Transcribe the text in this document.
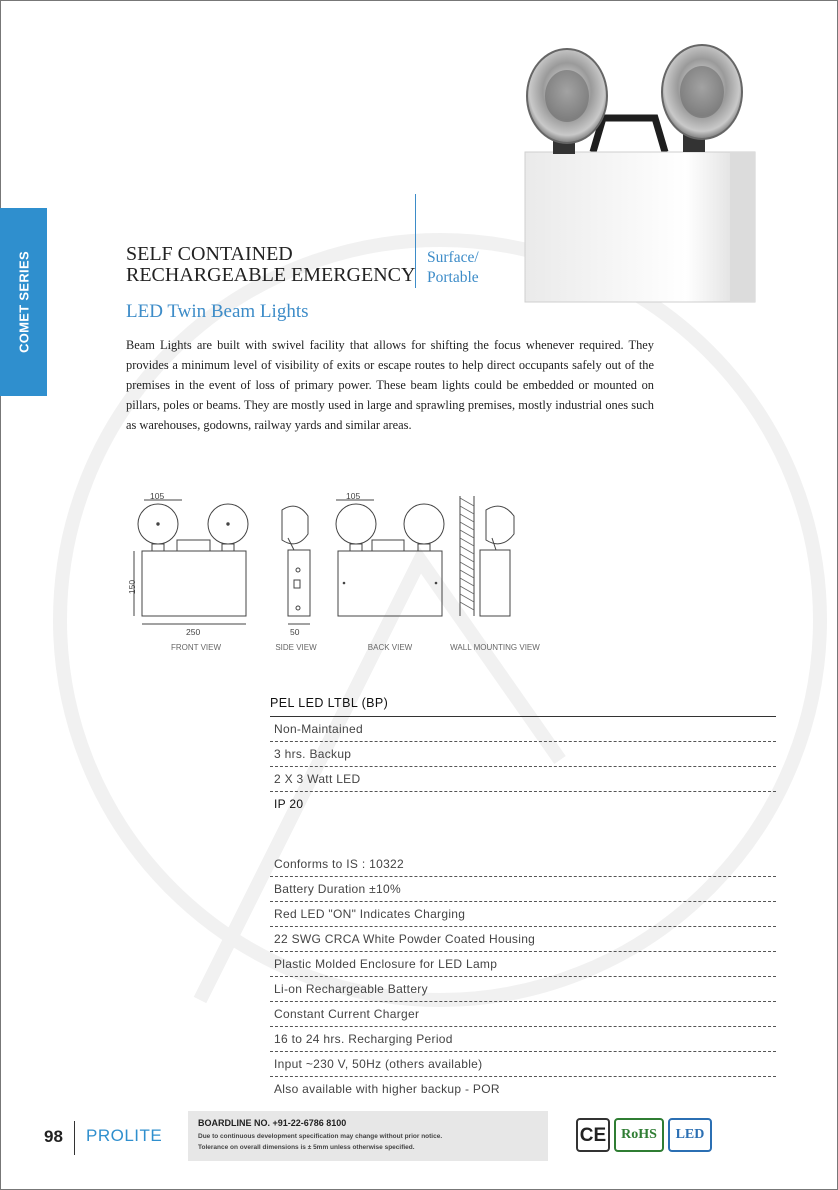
COMET SERIES	SELF CONTAINED
RECHARGEABLE EMERGENCY
Surface/
Portable
LED Twin Beam Lights
Beam Lights are built with swivel facility that allows for shifting the focus whenever required. They provides a minimum level of visibility of exits or escape routes to help direct occupants safely out of the premises in the event of loss of primary power. These beam lights could be embedded or mounted on pillars, poles or beams. They are mostly used in large and sprawling premises, mostly industrial ones such as warehouses, godowns, railway yards and similar areas.
105
150
250	50
105
FRONT VIEW	SIDE VIEW	BACK VIEW	WALL MOUNTING VIEW
PEL LED LTBL (BP)
Non-Maintained
3 hrs. Backup
2 X 3 Watt LED
IP 20
Conforms to IS : 10322
Battery Duration ±10%
Red LED "ON" Indicates Charging
22 SWG CRCA White Powder Coated Housing
Plastic Molded Enclosure for LED Lamp
Li-on Rechargeable Battery
Constant Current Charger
16 to 24 hrs. Recharging Period
Input ~230 V, 50Hz (others available)
Also available with higher backup - POR
98 PROLITE
BOARDLINE NO. +91-22-6786 8100
Due to continuous development specification may change without prior notice.
Tolerance on overall dimensions is ± 5mm unless otherwise specified.
CE	RoHS	LED
